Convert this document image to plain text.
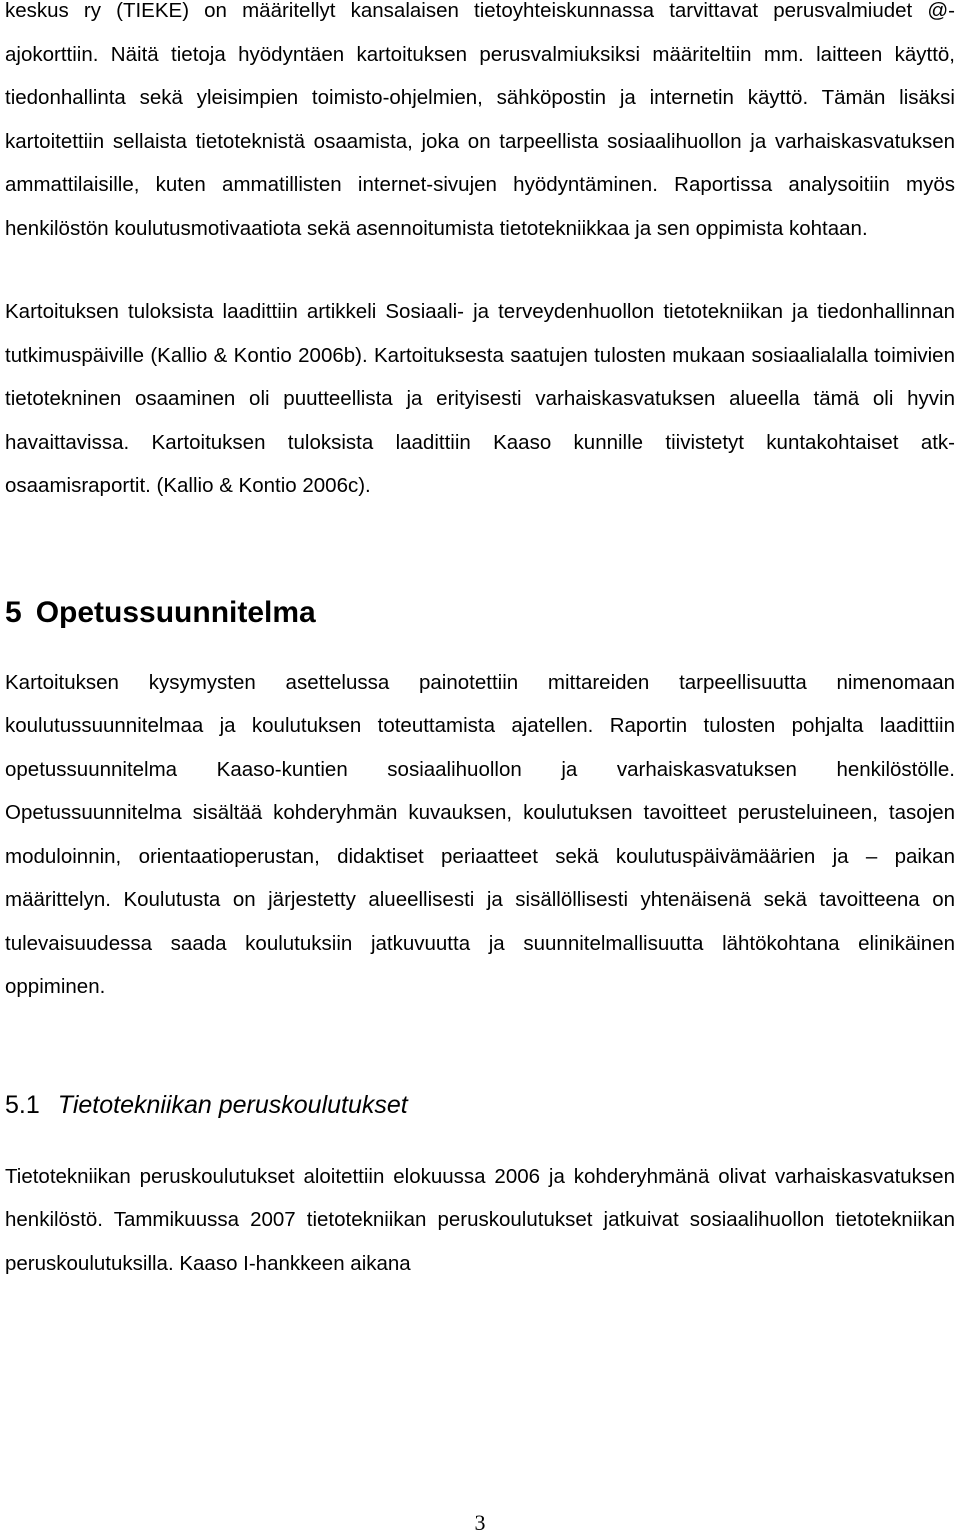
keskus ry (TIEKE) on määritellyt kansalaisen tietoyhteiskunnassa tarvittavat perusvalmiudet @-ajokorttiin. Näitä tietoja hyödyntäen kartoituksen perusvalmiuksiksi määriteltiin mm. laitteen käyttö, tiedonhallinta sekä yleisimpien toimisto-ohjelmien, sähköpostin ja internetin käyttö. Tämän lisäksi kartoitettiin sellaista tietoteknistä osaamista, joka on tarpeellista sosiaalihuollon ja varhaiskasvatuksen ammattilaisille, kuten ammatillisten internet-sivujen hyödyntäminen. Raportissa analysoitiin myös henkilöstön koulutusmotivaatiota sekä asennoitumista tietotekniikkaa ja sen oppimista kohtaan.

Kartoituksen tuloksista laadittiin artikkeli Sosiaali- ja terveydenhuollon tietotekniikan ja tiedonhallinnan tutkimuspäiville (Kallio & Kontio 2006b). Kartoituksesta saatujen tulosten mukaan sosiaalialalla toimivien tietotekninen osaaminen oli puutteellista ja erityisesti varhaiskasvatuksen alueella tämä oli hyvin havaittavissa. Kartoituksen tuloksista laadittiin Kaaso kunnille tiivistetyt kuntakohtaiset atk-osaamisraportit. (Kallio & Kontio 2006c).

5 Opetussuunnitelma

Kartoituksen kysymysten asettelussa painotettiin mittareiden tarpeellisuutta nimenomaan koulutussuunnitelmaa ja koulutuksen toteuttamista ajatellen. Raportin tulosten pohjalta laadittiin opetussuunnitelma Kaaso-kuntien sosiaalihuollon ja varhaiskasvatuksen henkilöstölle. Opetussuunnitelma sisältää kohderyhmän kuvauksen, koulutuksen tavoitteet perusteluineen, tasojen moduloinnin, orientaatioperustan, didaktiset periaatteet sekä koulutuspäivämäärien ja – paikan määrittelyn. Koulutusta on järjestetty alueellisesti ja sisällöllisesti yhtenäisenä sekä tavoitteena on tulevaisuudessa saada koulutuksiin jatkuvuutta ja suunnitelmallisuutta lähtökohtana elinikäinen oppiminen.

5.1 Tietotekniikan peruskoulutukset

Tietotekniikan peruskoulutukset aloitettiin elokuussa 2006 ja kohderyhmänä olivat varhaiskasvatuksen henkilöstö. Tammikuussa 2007 tietotekniikan peruskoulutukset jatkuivat sosiaalihuollon tietotekniikan peruskoulutuksilla. Kaaso I-hankkeen aikana

3
